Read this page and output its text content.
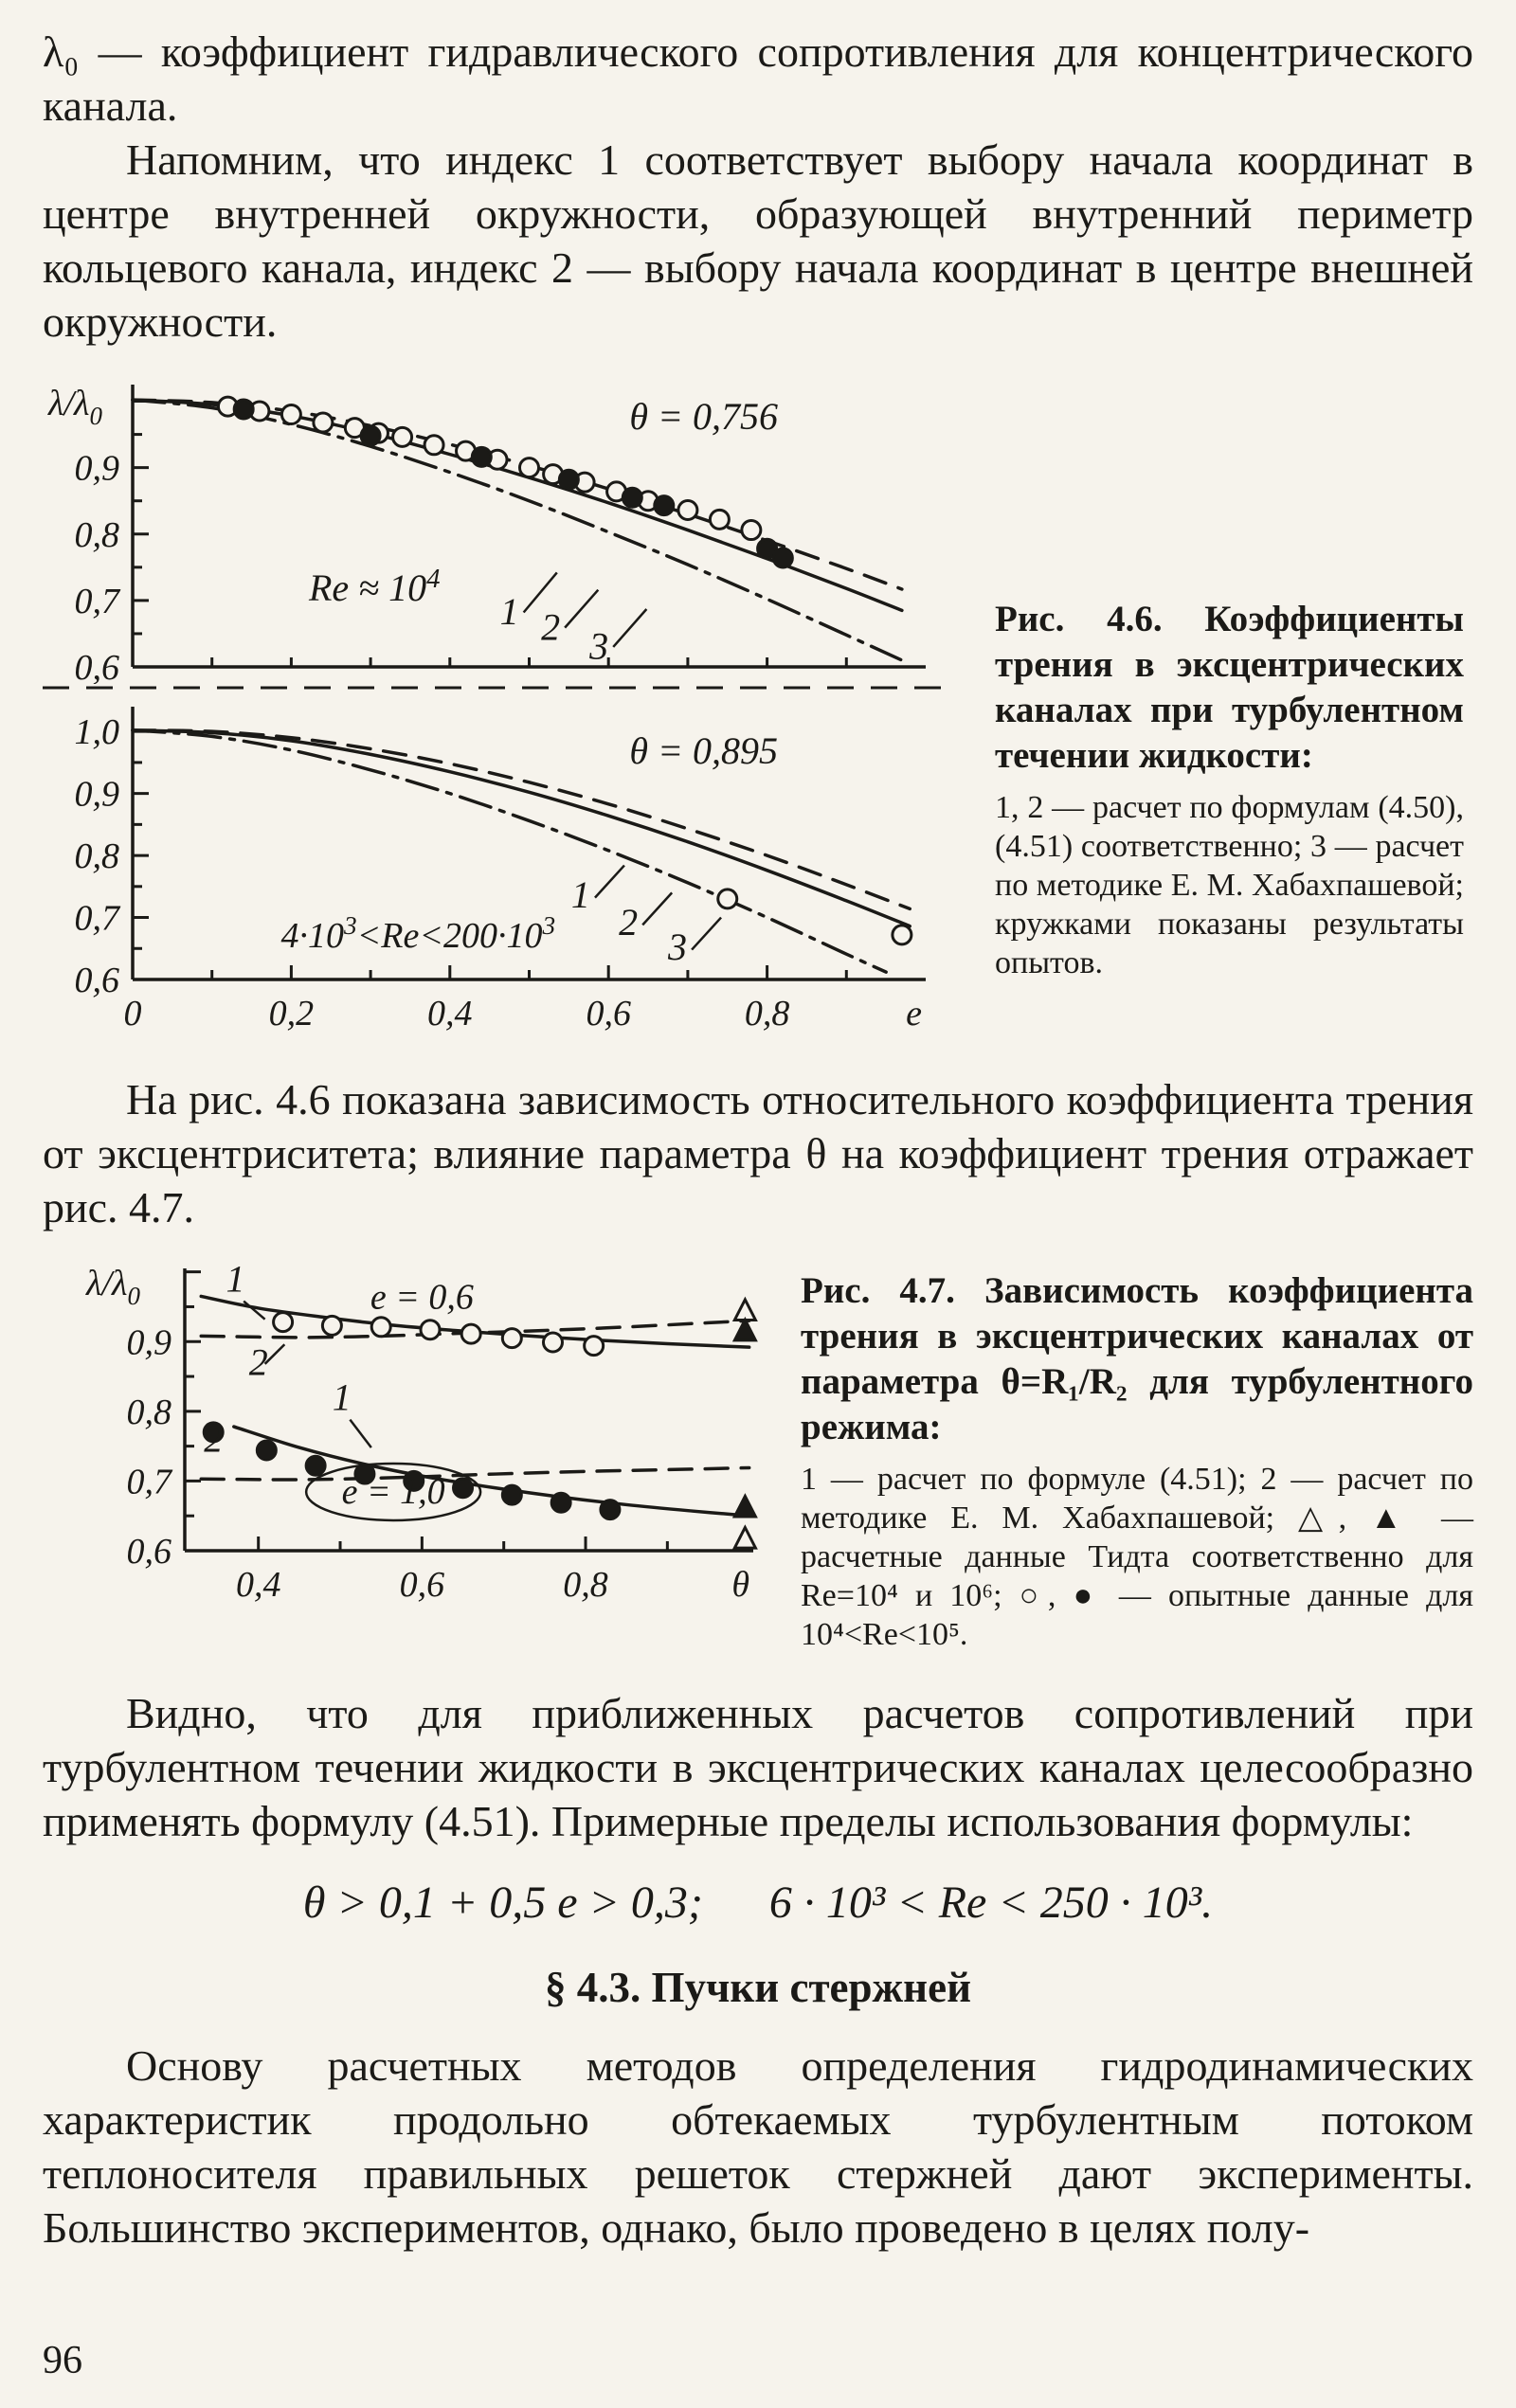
λ₀ — коэффициент гидравлического сопротивления для концентрического канала.

Напомним, что индекс 1 соответствует выбору начала координат в центре внутренней окружности, образующей внутренний периметр кольцевого канала, индекс 2 — выбору начала координат в центре внешней окружности.

0,9
0,8
0,7
0,6
$\lambda/\lambda_0$	θ = 0,756
$Re \approx 10^4$
1 2 3
1,0
0,9
0,8
0,7
0,6
0	0,2	0,4	0,6	0,8	e
θ = 0,895
$4\cdot 10^3<Re<200\cdot 10^3$
1
2
3

Рис. 4.6. Коэффициенты трения в эксцентрических каналах при турбулентном течении жидкости:

1, 2 — расчет по формулам (4.50), (4.51) соответственно; 3 — расчет по методике Е. М. Хабахпашевой; кружками показаны результаты опытов.

На рис. 4.6 показана зависимость относительного коэффициента трения от эксцентриситета; влияние параметра θ на коэффициент трения отражает рис. 4.7.

0,9
0,8
0,7
0,6
0,4	0,6	0,8	θ
$\lambda/\lambda_0$	e = 0,6
e = 1,0
1
2
1
2

Рис. 4.7. Зависимость коэффициента трения в эксцентрических каналах от параметра θ=R₁/R₂ для турбулентного режима:

1 — расчет по формуле (4.51); 2 — расчет по методике Е. М. Хабахпашевой; △, ▲ — расчетные данные Тидта соответственно для Re=10⁴ и 10⁶; ○, ● — опытные данные для 10⁴<Re<10⁵.

Видно, что для приближенных расчетов сопротивлений при турбулентном течении жидкости в эксцентрических каналах целесообразно применять формулу (4.51). Примерные пределы использования формулы:

θ > 0,1 + 0,5 e > 0,3; 6 · 10³ < Re < 250 · 10³.

§ 4.3. Пучки стержней

Основу расчетных методов определения гидродинамических характеристик продольно обтекаемых турбулентным потоком теплоносителя правильных решеток стержней дают эксперименты. Большинство экспериментов, однако, было проведено в целях полу-

96
